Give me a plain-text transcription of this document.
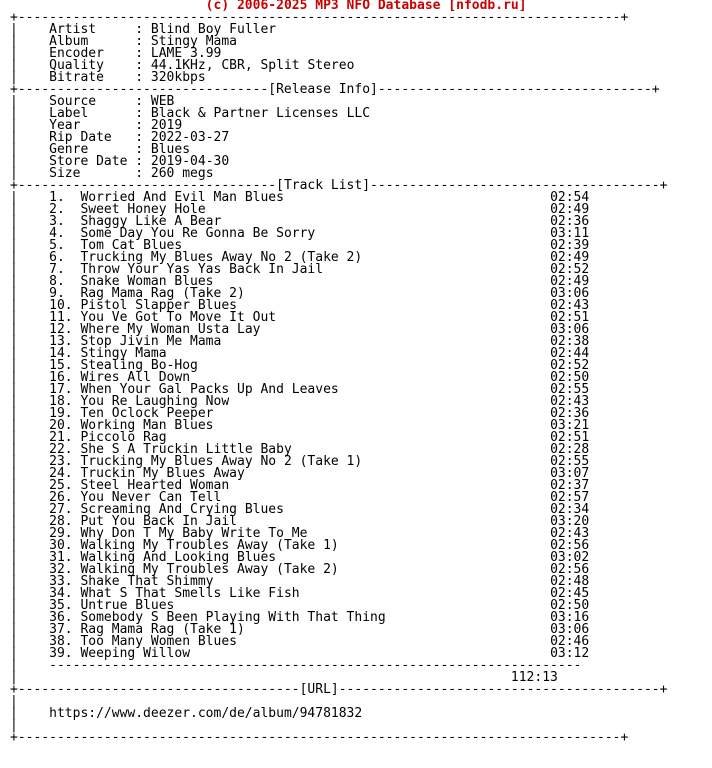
(c) 2006-2025 MP3 NFO Database [nfodb.ru]
+-----------------------------------------------------------------------------+
|    Artist     : Blind Boy Fuller
|    Album      : Stingy Mama
|    Encoder    : LAME 3.99
|    Quality    : 44.1KHz, CBR, Split Stereo
|    Bitrate    : 320kbps
+--------------------------------[Release Info]-----------------------------------+
|    Source     : WEB
|    Label      : Black & Partner Licenses LLC
|    Year       : 2019
|    Rip Date   : 2022-03-27
|    Genre      : Blues
|    Store Date : 2019-04-30
|    Size       : 260 megs
+---------------------------------[Track List]-------------------------------------+
|    1. Worried And Evil Man Blues	02:54
|    2. Sweet Honey Hole	02:49
|    3. Shaggy Like A Bear	02:36
|    4. Some Day You Re Gonna Be Sorry	03:11
|    5. Tom Cat Blues	02:39
|    6. Trucking My Blues Away No 2 (Take 2)	02:49
|    7. Throw Your Yas Yas Back In Jail	02:52
|    8. Snake Woman Blues	02:49
|    9. Rag Mama Rag (Take 2)	03:06
|    10. Pistol Slapper Blues	02:43
|    11. You Ve Got To Move It Out	02:51
|    12. Where My Woman Usta Lay	03:06
|    13. Stop Jivin Me Mama	02:38
|    14. Stingy Mama	02:44
|    15. Stealing Bo-Hog	02:52
|    16. Wires All Down	02:50
|    17. When Your Gal Packs Up And Leaves	02:55
|    18. You Re Laughing Now	02:43
|    19. Ten Oclock Peeper	02:36
|    20. Working Man Blues	03:21
|    21. Piccolo Rag	02:51
|    22. She S A Truckin Little Baby	02:28
|    23. Trucking My Blues Away No 2 (Take 1)	02:55
|    24. Truckin My Blues Away	03:07
|    25. Steel Hearted Woman	02:37
|    26. You Never Can Tell	02:57
|    27. Screaming And Crying Blues	02:34
|    28. Put You Back In Jail	03:20
|    29. Why Don T My Baby Write To Me	02:43
|    30. Walking My Troubles Away (Take 1)	02:56
|    31. Walking And Looking Blues	03:02
|    32. Walking My Troubles Away (Take 2)	02:56
|    33. Shake That Shimmy	02:48
|    34. What S That Smells Like Fish	02:45
|    35. Untrue Blues	02:50
|    36. Somebody S Been Playing With That Thing	03:16
|    37. Rag Mama Rag (Take 1)	03:06
|    38. Too Many Women Blues	02:46
|    39. Weeping Willow	03:12
|    --------------------------------------------------------------------
|                                                               112:13
+------------------------------------[URL]-----------------------------------------+
|
|    https://www.deezer.com/de/album/94781832
|
+-----------------------------------------------------------------------------+
